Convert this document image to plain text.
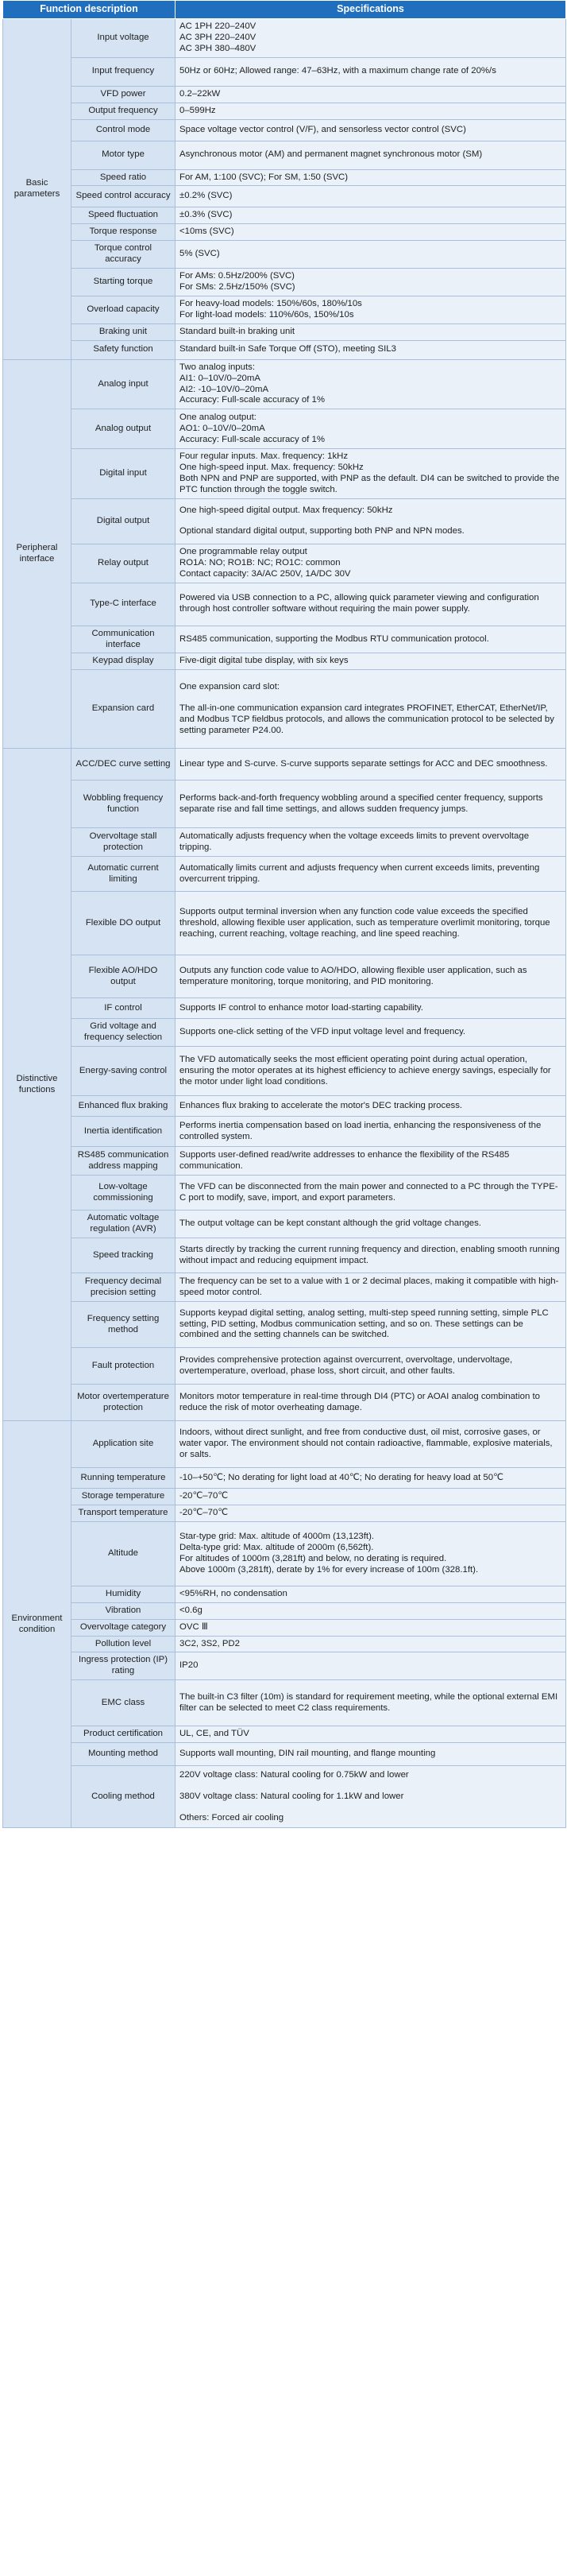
Function description		Specifications
Basic parameters	Input voltage	AC 1PH 220–240V
AC 3PH 220–240V
AC 3PH 380–480V

	Input frequency	50Hz or 60Hz; Allowed range: 47–63Hz, with a maximum change rate of 20%/s

	VFD power	0.2–22kW

	Output frequency	0–599Hz

	Control mode	Space voltage vector control (V/F), and sensorless vector control (SVC)

	Motor type	Asynchronous motor (AM) and permanent magnet synchronous motor (SM)

	Speed ratio	For AM, 1:100 (SVC); For SM, 1:50 (SVC)

	Speed control accuracy	±0.2% (SVC)

	Speed fluctuation	±0.3% (SVC)

	Torque response	<10ms (SVC)

	Torque control accuracy	5% (SVC)

	Starting torque	For AMs: 0.5Hz/200% (SVC)
For SMs: 2.5Hz/150% (SVC)

	Overload capacity	For heavy-load models: 150%/60s, 180%/10s
For light-load models: 110%/60s, 150%/10s

	Braking unit	Standard built-in braking unit

	Safety function	Standard built-in Safe Torque Off (STO), meeting SIL3

Peripheral interface	Analog input	Two analog inputs:
AI1: 0–10V/0–20mA
AI2: -10–10V/0–20mA
Accuracy: Full-scale accuracy of 1%

	Analog output	One analog output:
AO1: 0–10V/0–20mA
Accuracy: Full-scale accuracy of 1%

	Digital input	Four regular inputs. Max. frequency: 1kHz
One high-speed input. Max. frequency: 50kHz
Both NPN and PNP are supported, with PNP as the default. DI4 can be switched to provide the PTC function through the toggle switch.

	Digital output	One high-speed digital output. Max frequency: 50kHz

Optional standard digital output, supporting both PNP and NPN modes.

	Relay output	One programmable relay output
RO1A: NO; RO1B: NC; RO1C: common
Contact capacity: 3A/AC 250V, 1A/DC 30V

	Type-C interface	Powered via USB connection to a PC, allowing quick parameter viewing and configuration through host controller software without requiring the main power supply.

	Communication interface	RS485 communication, supporting the Modbus RTU communication protocol.

	Keypad display	Five-digit digital tube display, with six keys

	Expansion card	One expansion card slot:

The all-in-one communication expansion card integrates PROFINET, EtherCAT, EtherNet/IP, and Modbus TCP fieldbus protocols, and allows the communication protocol to be selected by setting parameter P24.00.

Distinctive functions	ACC/DEC curve setting	Linear type and S-curve. S-curve supports separate settings for ACC and DEC smoothness.

	Wobbling frequency function	Performs back-and-forth frequency wobbling around a specified center frequency, supports separate rise and fall time settings, and allows sudden frequency jumps.

	Overvoltage stall protection	Automatically adjusts frequency when the voltage exceeds limits to prevent overvoltage tripping.

	Automatic current limiting	Automatically limits current and adjusts frequency when current exceeds limits, preventing overcurrent tripping.

	Flexible DO output	Supports output terminal inversion when any function code value exceeds the specified threshold, allowing flexible user application, such as temperature overlimit monitoring, torque reaching, current reaching, voltage reaching, and line speed reaching.

	Flexible AO/HDO output	Outputs any function code value to AO/HDO, allowing flexible user application, such as temperature monitoring, torque monitoring, and PID monitoring.

	IF control	Supports IF control to enhance motor load-starting capability.

	Grid voltage and frequency selection	Supports one-click setting of the VFD input voltage level and frequency.

	Energy-saving control	The VFD automatically seeks the most efficient operating point during actual operation, ensuring the motor operates at its highest efficiency to achieve energy savings, especially for the motor under light load conditions.

	Enhanced flux braking	Enhances flux braking to accelerate the motor's DEC tracking process.

	Inertia identification	Performs inertia compensation based on load inertia, enhancing the responsiveness of the controlled system.

	RS485 communication address mapping	Supports user-defined read/write addresses to enhance the flexibility of the RS485 communication.

	Low-voltage commissioning	The VFD can be disconnected from the main power and connected to a PC through the TYPE-C port to modify, save, import, and export parameters.

	Automatic voltage regulation (AVR)	The output voltage can be kept constant although the grid voltage changes.

	Speed tracking	Starts directly by tracking the current running frequency and direction, enabling smooth running without impact and reducing equipment impact.

	Frequency decimal precision setting	The frequency can be set to a value with 1 or 2 decimal places, making it compatible with high-speed motor control.

	Frequency setting method	Supports keypad digital setting, analog setting, multi-step speed running setting, simple PLC setting, PID setting, Modbus communication setting, and so on. These settings can be combined and the setting channels can be switched.

	Fault protection	Provides comprehensive protection against overcurrent, overvoltage, undervoltage, overtemperature, overload, phase loss, short circuit, and other faults.

	Motor overtemperature protection	Monitors motor temperature in real-time through DI4 (PTC) or AOAI analog combination to reduce the risk of motor overheating damage.

Environment condition	Application site	Indoors, without direct sunlight, and free from conductive dust, oil mist, corrosive gases, or water vapor. The environment should not contain radioactive, flammable, explosive materials, or salts.

	Running temperature	-10–+50℃; No derating for light load at 40℃; No derating for heavy load at 50℃

	Storage temperature	-20℃–70℃

	Transport temperature	-20℃–70℃

	Altitude	Star-type grid: Max. altitude of 4000m (13,123ft).
Delta-type grid: Max. altitude of 2000m (6,562ft).
For altitudes of 1000m (3,281ft) and below, no derating is required.
Above 1000m (3,281ft), derate by 1% for every increase of 100m (328.1ft).

	Humidity	<95%RH, no condensation

	Vibration	<0.6g

	Overvoltage category	OVC Ⅲ

	Pollution level	3C2, 3S2, PD2

	Ingress protection (IP) rating	IP20

	EMC class	The built-in C3 filter (10m) is standard for requirement meeting, while the optional external EMI filter can be selected to meet C2 class requirements.

	Product certification	UL, CE, and TÜV

	Mounting method	Supports wall mounting, DIN rail mounting, and flange mounting

	Cooling method	220V voltage class: Natural cooling for 0.75kW and lower

380V voltage class: Natural cooling for 1.1kW and lower

Others: Forced air cooling
